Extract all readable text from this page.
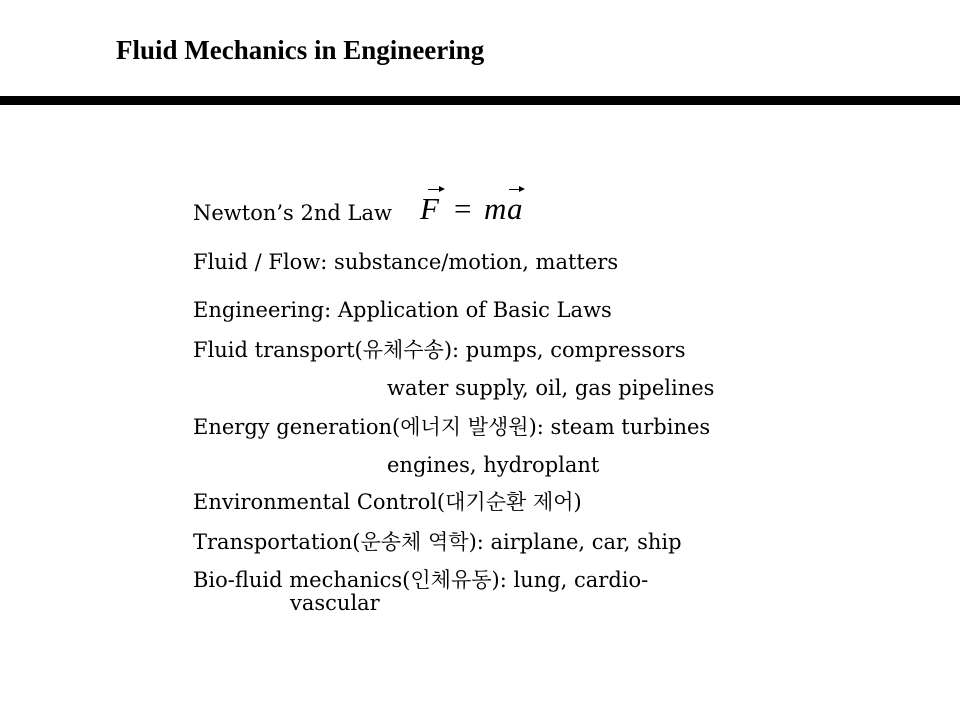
Fluid Mechanics in Engineering
Newton’s 2nd Law F = m a
Fluid / Flow: substance/motion, matters
Engineering: Application of Basic Laws
Fluid transport(유체수송): pumps, compressors
water supply, oil, gas pipelines
Energy generation(에너지 발생원): steam turbines
engines, hydroplant
Environmental Control(대기순환 제어)
Transportation(운송체 역학): airplane, car, ship
Bio-fluid mechanics(인체유동): lung, cardio-
vascular
